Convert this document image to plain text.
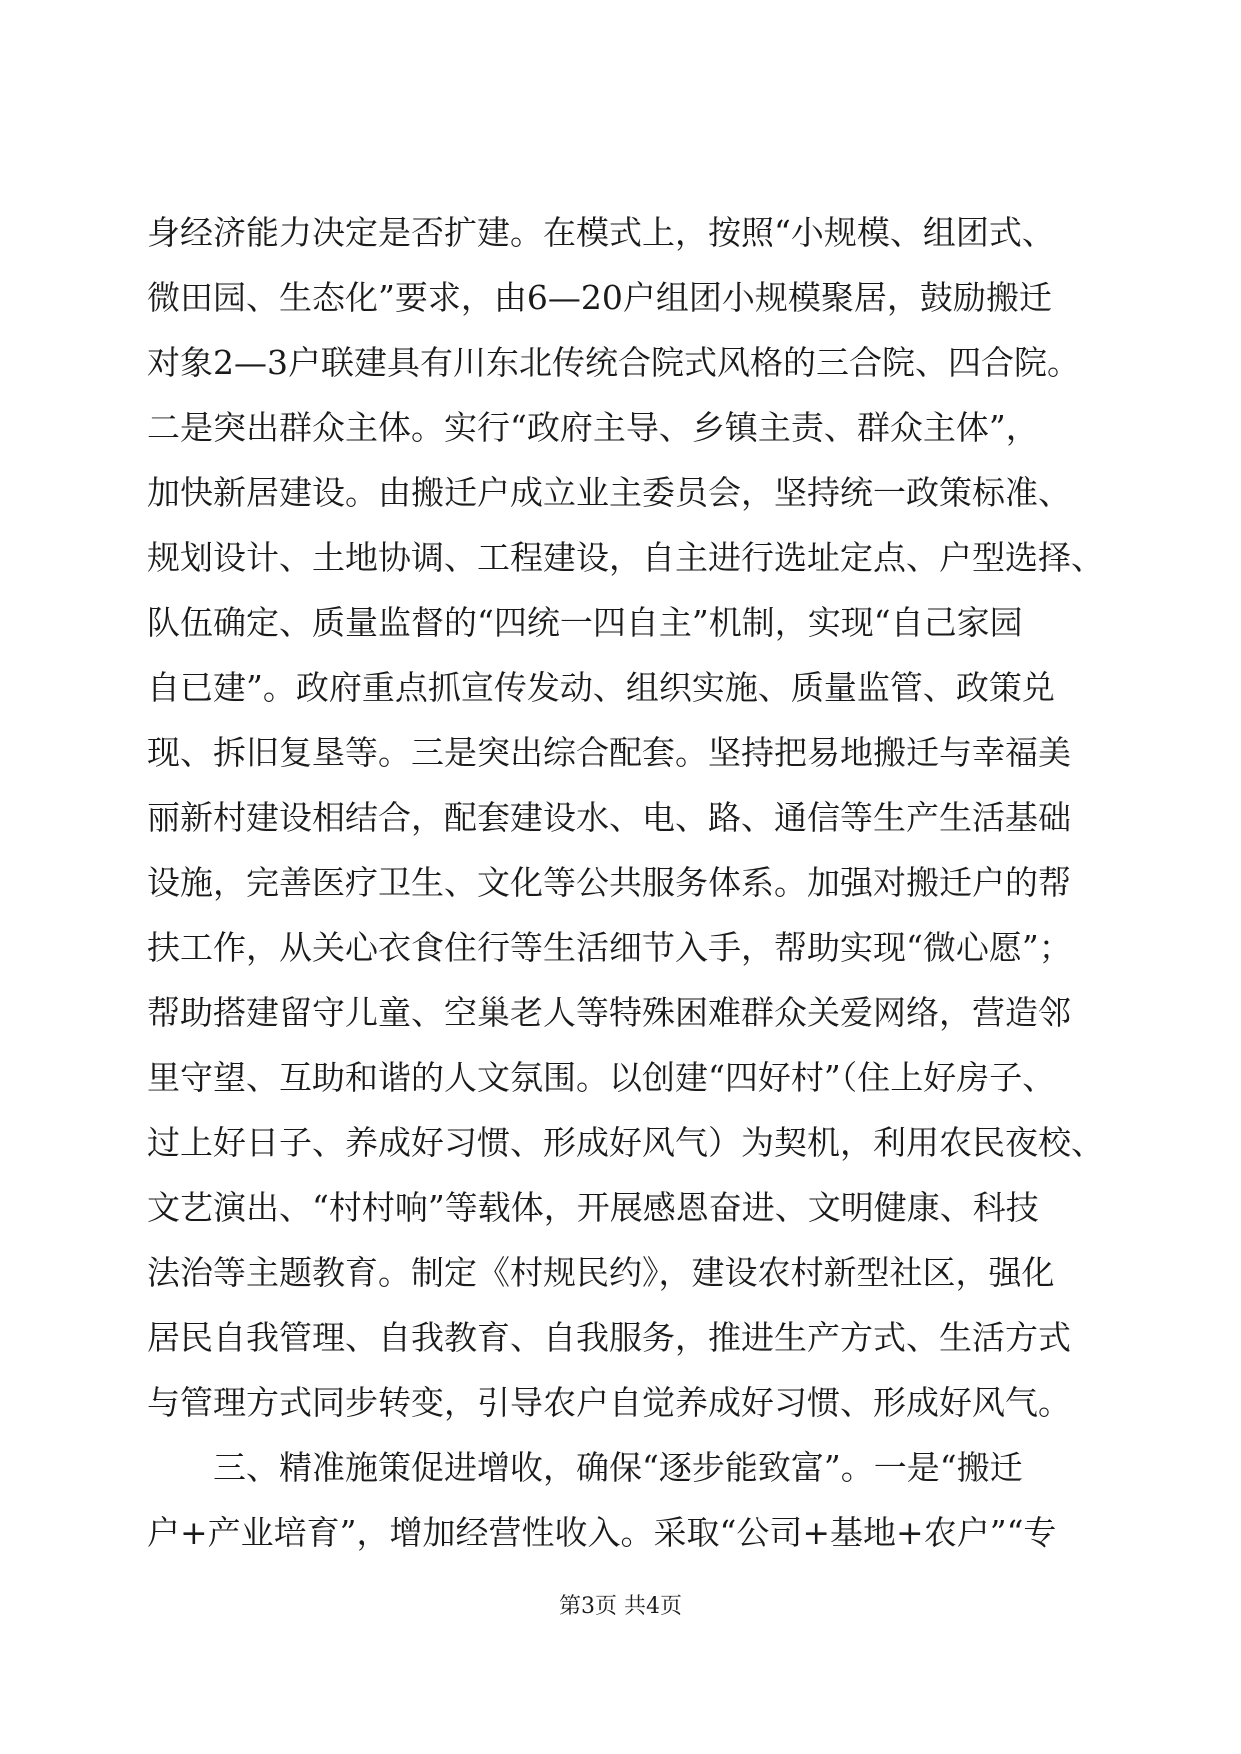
身经济能力决定是否扩建。在模式上，按照“小规模、组团式、
微田园、生态化”要求，由6—20户组团小规模聚居，鼓励搬迁
对象2—3户联建具有川东北传统合院式风格的三合院、四合院。
二是突出群众主体。实行“政府主导、乡镇主责、群众主体”，
加快新居建设。由搬迁户成立业主委员会，坚持统一政策标准、
规划设计、土地协调、工程建设，自主进行选址定点、户型选择、
队伍确定、质量监督的“四统一四自主”机制，实现“自己家园
自已建”。政府重点抓宣传发动、组织实施、质量监管、政策兑
现、拆旧复垦等。三是突出综合配套。坚持把易地搬迁与幸福美
丽新村建设相结合，配套建设水、电、路、通信等生产生活基础
设施，完善医疗卫生、文化等公共服务体系。加强对搬迁户的帮
扶工作，从关心衣食住行等生活细节入手，帮助实现“微心愿”；
帮助搭建留守儿童、空巢老人等特殊困难群众关爱网络，营造邻
里守望、互助和谐的人文氛围。以创建“四好村”（住上好房子、
过上好日子、养成好习惯、形成好风气）为契机，利用农民夜校、
文艺演出、“村村响”等载体，开展感恩奋进、文明健康、科技
法治等主题教育。制定《村规民约》，建设农村新型社区，强化
居民自我管理、自我教育、自我服务，推进生产方式、生活方式
与管理方式同步转变，引导农户自觉养成好习惯、形成好风气。
　　三、精准施策促进增收，确保“逐步能致富”。一是“搬迁
户+产业培育”，增加经营性收入。采取“公司+基地+农户”“专
第3页 共4页
